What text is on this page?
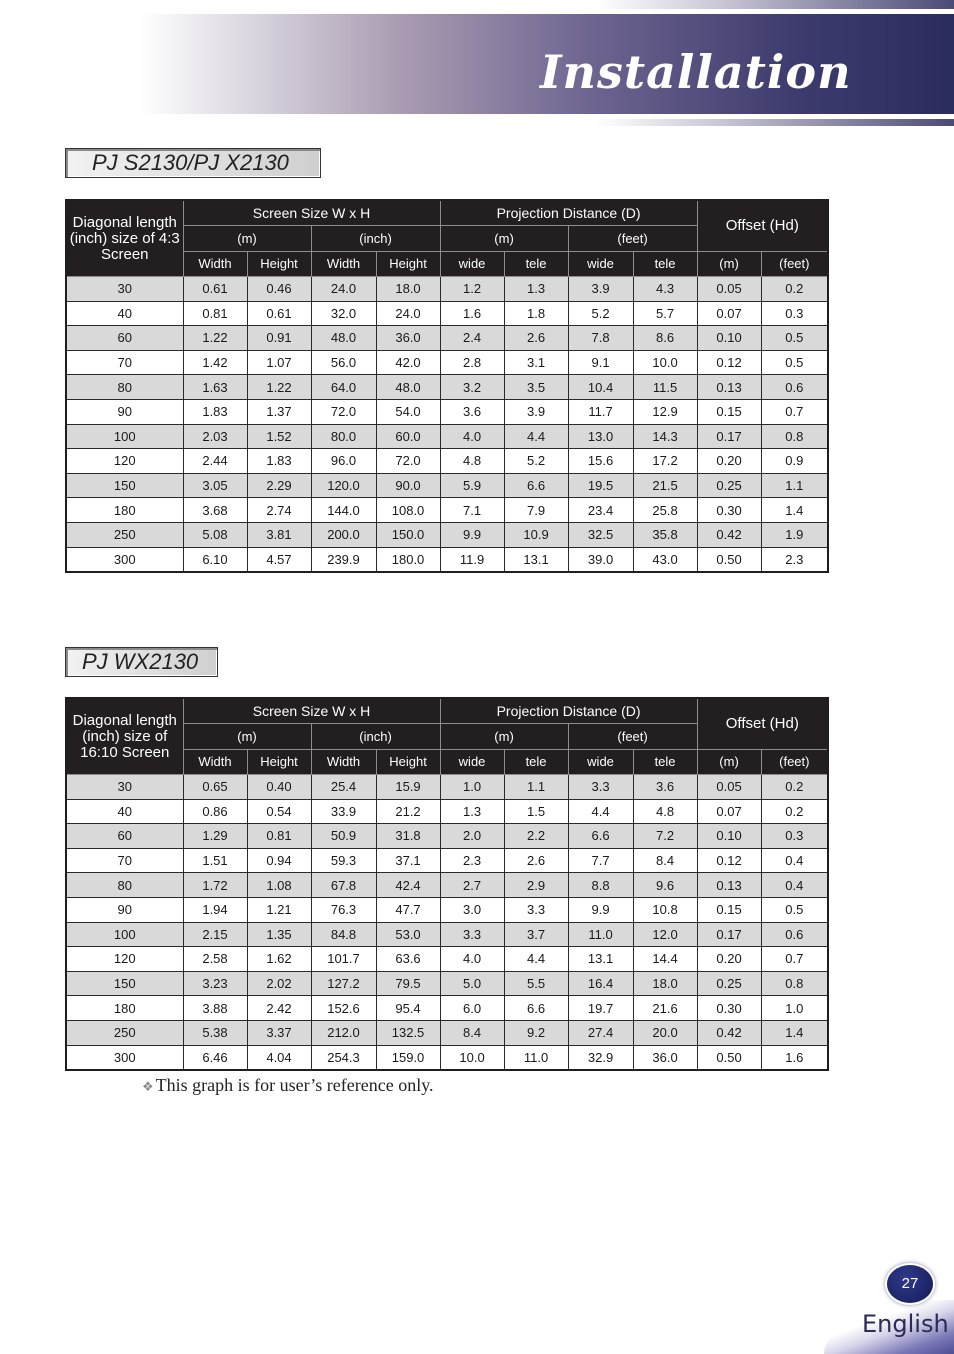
Installation
PJ S2130/PJ X2130
Diagonal length (inch) size of 4:3 Screen	Screen Size W x H				Projection Distance (D)				Offset (Hd)	
	(m)		(inch)		(m)		(feet)			
	Width	Height	Width	Height	wide	tele	wide	tele	(m)	(feet)
30	0.61	0.46	24.0	18.0	1.2	1.3	3.9	4.3	0.05	0.2
40	0.81	0.61	32.0	24.0	1.6	1.8	5.2	5.7	0.07	0.3
60	1.22	0.91	48.0	36.0	2.4	2.6	7.8	8.6	0.10	0.5
70	1.42	1.07	56.0	42.0	2.8	3.1	9.1	10.0	0.12	0.5
80	1.63	1.22	64.0	48.0	3.2	3.5	10.4	11.5	0.13	0.6
90	1.83	1.37	72.0	54.0	3.6	3.9	11.7	12.9	0.15	0.7
100	2.03	1.52	80.0	60.0	4.0	4.4	13.0	14.3	0.17	0.8
120	2.44	1.83	96.0	72.0	4.8	5.2	15.6	17.2	0.20	0.9
150	3.05	2.29	120.0	90.0	5.9	6.6	19.5	21.5	0.25	1.1
180	3.68	2.74	144.0	108.0	7.1	7.9	23.4	25.8	0.30	1.4
250	5.08	3.81	200.0	150.0	9.9	10.9	32.5	35.8	0.42	1.9
300	6.10	4.57	239.9	180.0	11.9	13.1	39.0	43.0	0.50	2.3
PJ WX2130
Diagonal length (inch) size of 16:10 Screen	Screen Size W x H				Projection Distance (D)				Offset (Hd)	
	(m)		(inch)		(m)		(feet)			
	Width	Height	Width	Height	wide	tele	wide	tele	(m)	(feet)
30	0.65	0.40	25.4	15.9	1.0	1.1	3.3	3.6	0.05	0.2
40	0.86	0.54	33.9	21.2	1.3	1.5	4.4	4.8	0.07	0.2
60	1.29	0.81	50.9	31.8	2.0	2.2	6.6	7.2	0.10	0.3
70	1.51	0.94	59.3	37.1	2.3	2.6	7.7	8.4	0.12	0.4
80	1.72	1.08	67.8	42.4	2.7	2.9	8.8	9.6	0.13	0.4
90	1.94	1.21	76.3	47.7	3.0	3.3	9.9	10.8	0.15	0.5
100	2.15	1.35	84.8	53.0	3.3	3.7	11.0	12.0	0.17	0.6
120	2.58	1.62	101.7	63.6	4.0	4.4	13.1	14.4	0.20	0.7
150	3.23	2.02	127.2	79.5	5.0	5.5	16.4	18.0	0.25	0.8
180	3.88	2.42	152.6	95.4	6.0	6.6	19.7	21.6	0.30	1.0
250	5.38	3.37	212.0	132.5	8.4	9.2	27.4	20.0	0.42	1.4
300	6.46	4.04	254.3	159.0	10.0	11.0	32.9	36.0	0.50	1.6

❖ This graph is for user’s reference only.

27
English
